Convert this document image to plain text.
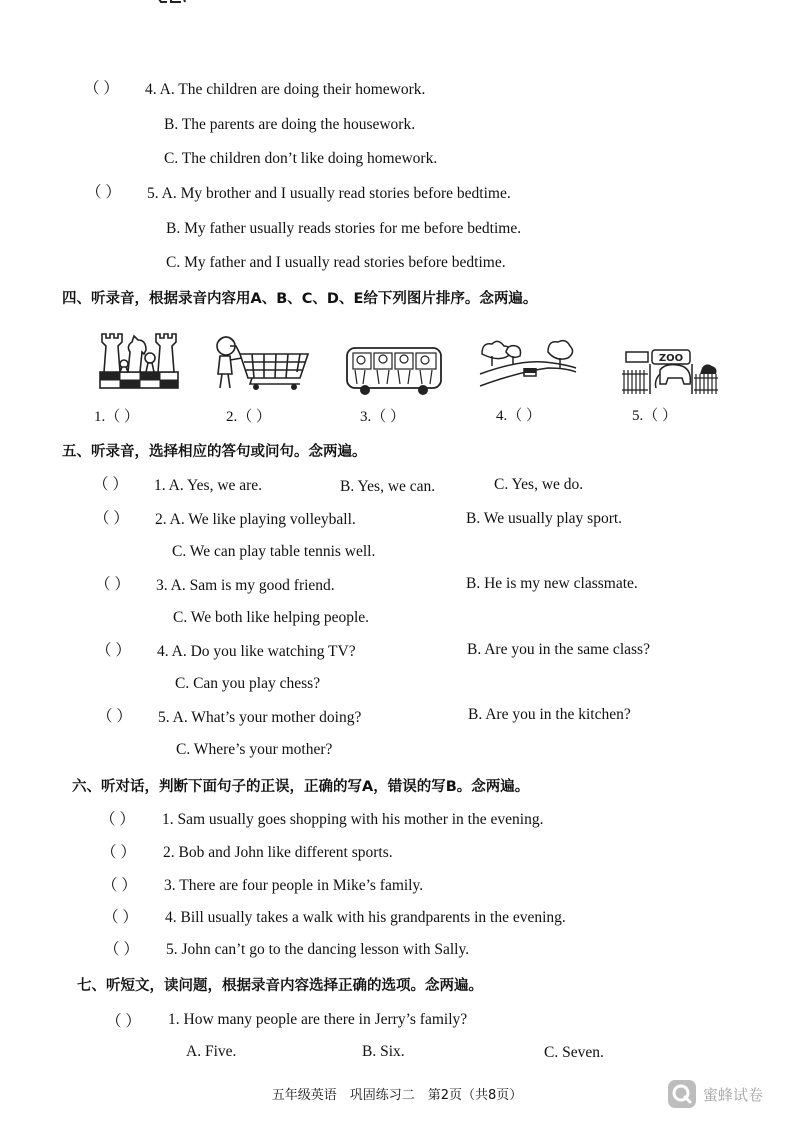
（ ） 4. A. The children are doing their homework.
B. The parents are doing the housework.
C. The children don’t like doing homework.
（ ） 5. A. My brother and I usually read stories before bedtime.
B. My father usually reads stories for me before bedtime.
C. My father and I usually read stories before bedtime.
四、听录音，根据录音内容用A、B、C、D、E给下列图片排序。念两遍。
ZOO
1.（ ）	2.（ ）	3.（ ）	4.（ ）	5.（ ）
五、听录音，选择相应的答句或问句。念两遍。
（ ） 1. A. Yes, we are.	B. Yes, we can.	C. Yes, we do.
（ ） 2. A. We like playing volleyball.	B. We usually play sport.
C. We can play table tennis well.
（ ） 3. A. Sam is my good friend.	B. He is my new classmate.
C. We both like helping people.
（ ） 4. A. Do you like watching TV?	B. Are you in the same class?
C. Can you play chess?
（ ） 5. A. What’s your mother doing?	B. Are you in the kitchen?
C. Where’s your mother?
六、听对话，判断下面句子的正误，正确的写A，错误的写B。念两遍。
（ ） 1. Sam usually goes shopping with his mother in the evening.
（ ） 2. Bob and John like different sports.
（ ） 3. There are four people in Mike’s family.
（ ） 4. Bill usually takes a walk with his grandparents in the evening.
（ ） 5. John can’t go to the dancing lesson with Sally.
七、听短文，读问题，根据录音内容选择正确的选项。念两遍。
（ ） 1. How many people are there in Jerry’s family?
A. Five.	B. Six.	C. Seven.
五年级英语　巩固练习二　第2页（共8页）	蜜蜂试卷
